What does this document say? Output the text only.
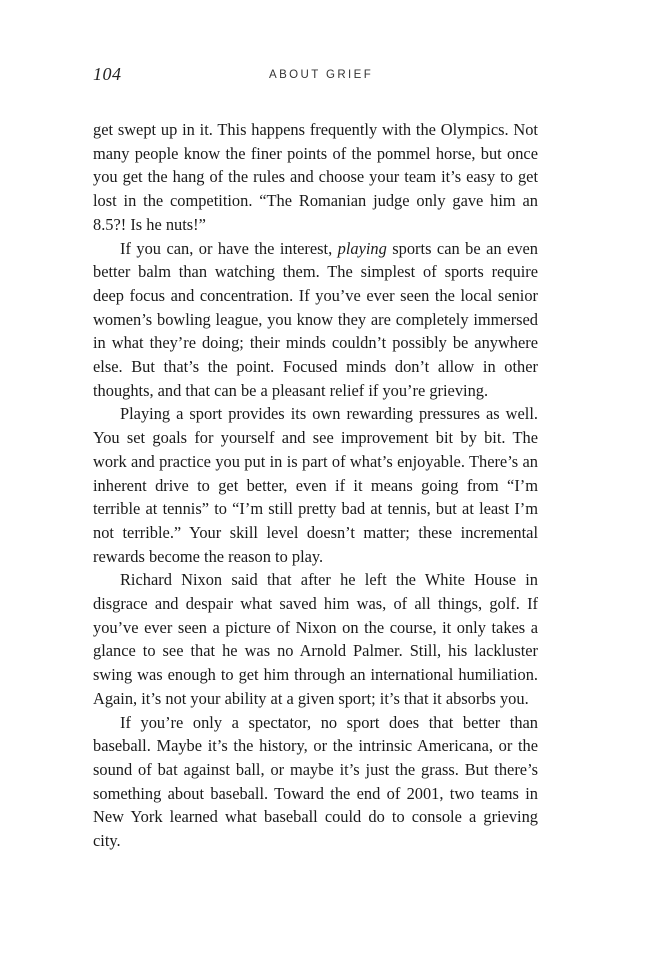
104	ABOUT GRIEF

get swept up in it. This happens frequently with the Olympics. Not many people know the finer points of the pommel horse, but once you get the hang of the rules and choose your team it’s easy to get lost in the competition. “The Romanian judge only gave him an 8.5?! Is he nuts!”

If you can, or have the interest, playing sports can be an even better balm than watching them. The simplest of sports require deep focus and concentration. If you’ve ever seen the local senior women’s bowling league, you know they are completely immersed in what they’re doing; their minds couldn’t possibly be anywhere else. But that’s the point. Focused minds don’t allow in other thoughts, and that can be a pleasant relief if you’re grieving.

Playing a sport provides its own rewarding pressures as well. You set goals for yourself and see improvement bit by bit. The work and practice you put in is part of what’s enjoyable. There’s an inherent drive to get better, even if it means going from “I’m terrible at tennis” to “I’m still pretty bad at tennis, but at least I’m not terrible.” Your skill level doesn’t matter; these incremental rewards become the reason to play.

Richard Nixon said that after he left the White House in disgrace and despair what saved him was, of all things, golf. If you’ve ever seen a picture of Nixon on the course, it only takes a glance to see that he was no Arnold Palmer. Still, his lackluster swing was enough to get him through an international humiliation. Again, it’s not your ability at a given sport; it’s that it absorbs you.

If you’re only a spectator, no sport does that better than baseball. Maybe it’s the history, or the intrinsic Americana, or the sound of bat against ball, or maybe it’s just the grass. But there’s something about baseball. Toward the end of 2001, two teams in New York learned what baseball could do to console a grieving city.
